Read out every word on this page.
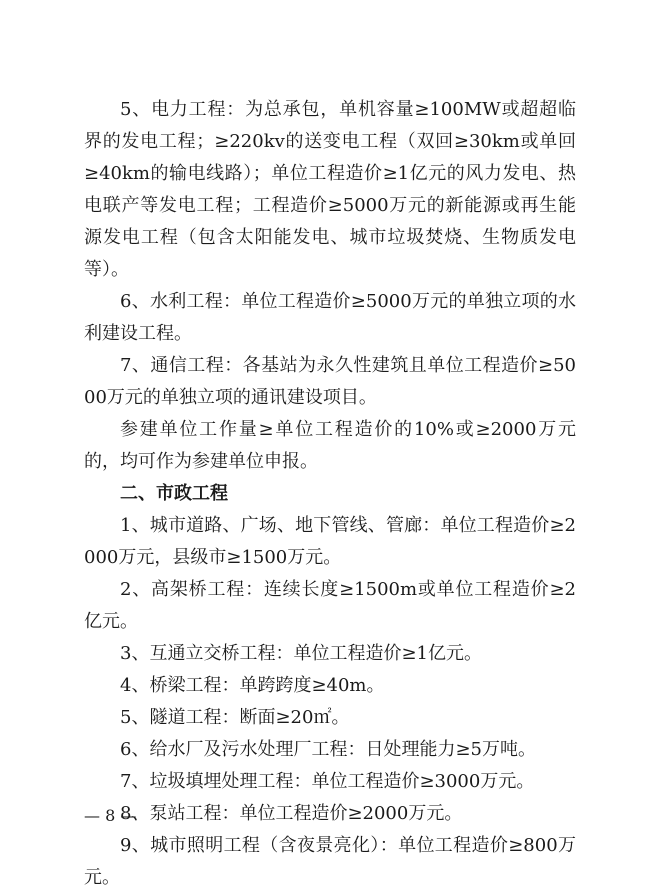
5、电力工程：为总承包，单机容量≥100MW或超超临界的发电工程；≥220kv的送变电工程（双回≥30km或单回≥40km的输电线路）；单位工程造价≥1亿元的风力发电、热电联产等发电工程；工程造价≥5000万元的新能源或再生能源发电工程（包含太阳能发电、城市垃圾焚烧、生物质发电等）。

6、水利工程：单位工程造价≥5000万元的单独立项的水利建设工程。

7、通信工程：各基站为永久性建筑且单位工程造价≥5000万元的单独立项的通讯建设项目。

参建单位工作量≥单位工程造价的10%或≥2000万元的，均可作为参建单位申报。

二、市政工程

1、城市道路、广场、地下管线、管廊：单位工程造价≥2000万元，县级市≥1500万元。

2、高架桥工程：连续长度≥1500m或单位工程造价≥2亿元。

3、互通立交桥工程：单位工程造价≥1亿元。

4、桥梁工程：单跨跨度≥40m。

5、隧道工程：断面≥20㎡。

6、给水厂及污水处理厂工程：日处理能力≥5万吨。

7、垃圾填埋处理工程：单位工程造价≥3000万元。

8、泵站工程：单位工程造价≥2000万元。

9、城市照明工程（含夜景亮化）：单位工程造价≥800万元。

— 8 —
